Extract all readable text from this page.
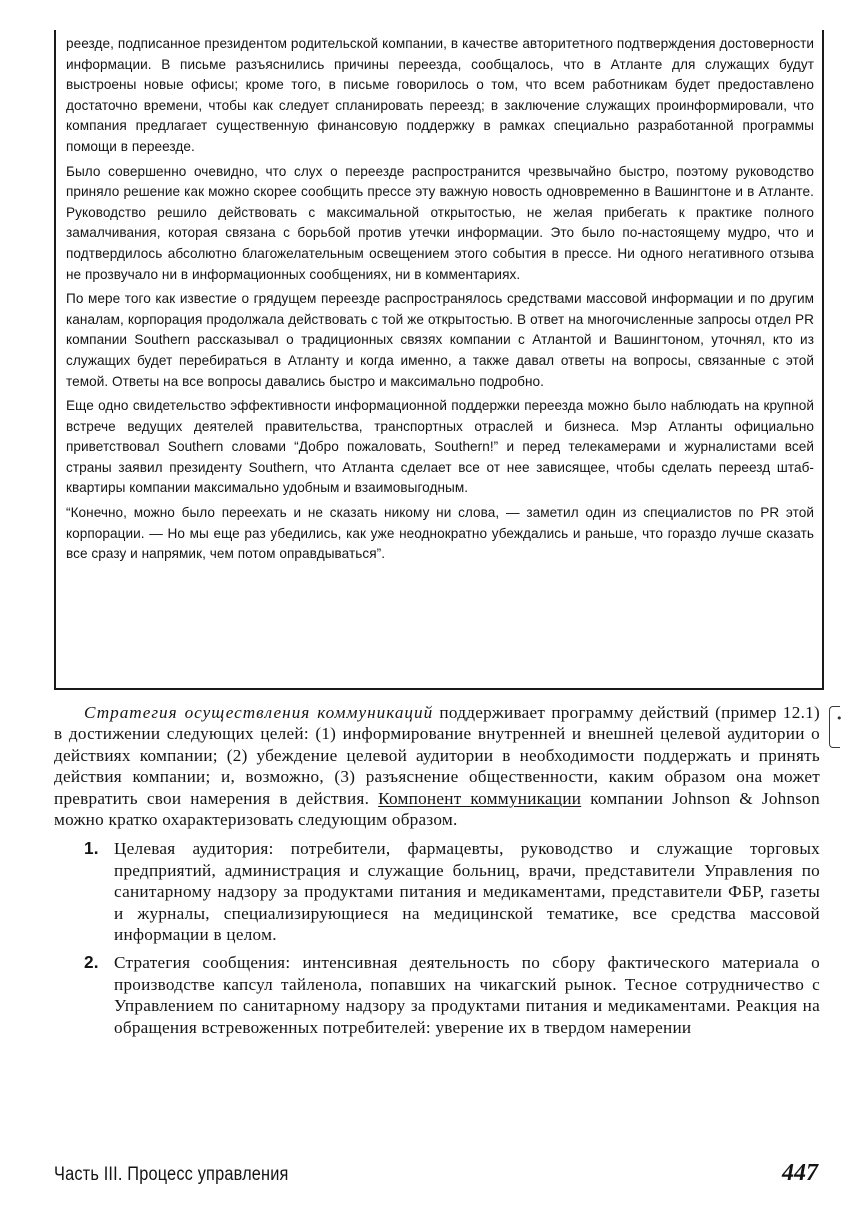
реезде, подписанное президентом родительской компании, в качестве авторитетного подтверждения достоверности информации. В письме разъяснились причины переезда, сообщалось, что в Атланте для служащих будут выстроены новые офисы; кроме того, в письме говорилось о том, что всем работникам будет предоставлено достаточно времени, чтобы как следует спланировать переезд; в заключение служащих проинформировали, что компания предлагает существенную финансовую поддержку в рамках специально разработанной программы помощи в переезде.

Было совершенно очевидно, что слух о переезде распространится чрезвычайно быстро, поэтому руководство приняло решение как можно скорее сообщить прессе эту важную новость одновременно в Вашингтоне и в Атланте. Руководство решило действовать с максимальной открытостью, не желая прибегать к практике полного замалчивания, которая связана с борьбой против утечки информации. Это было по-настоящему мудро, что и подтвердилось абсолютно благожелательным освещением этого события в прессе. Ни одного негативного отзыва не прозвучало ни в информационных сообщениях, ни в комментариях.

По мере того как известие о грядущем переезде распространялось средствами массовой информации и по другим каналам, корпорация продолжала действовать с той же открытостью. В ответ на многочисленные запросы отдел PR компании Southern рассказывал о традиционных связях компании с Атлантой и Вашингтоном, уточнял, кто из служащих будет перебираться в Атланту и когда именно, а также давал ответы на вопросы, связанные с этой темой. Ответы на все вопросы давались быстро и максимально подробно.

Еще одно свидетельство эффективности информационной поддержки переезда можно было наблюдать на крупной встрече ведущих деятелей правительства, транспортных отраслей и бизнеса. Мэр Атланты официально приветствовал Southern словами “Добро пожаловать, Southern!” и перед телекамерами и журналистами всей страны заявил президенту Southern, что Атланта сделает все от нее зависящее, чтобы сделать переезд штаб-квартиры компании максимально удобным и взаимовыгодным.

“Конечно, можно было переехать и не сказать никому ни слова, — заметил один из специалистов по PR этой корпорации. — Но мы еще раз убедились, как уже неоднократно убеждались и раньше, что гораздо лучше сказать все сразу и напрямик, чем потом оправдываться”.

•

Стратегия осуществления коммуникаций поддерживает программу действий (пример 12.1) в достижении следующих целей: (1) информирование внутренней и внешней целевой аудитории о действиях компании; (2) убеждение целевой аудитории в необходимости поддержать и принять действия компании; и, возможно, (3) разъяснение общественности, каким образом она может превратить свои намерения в действия. Компонент коммуникации компании Johnson & Johnson можно кратко охарактеризовать следующим образом.

1. Целевая аудитория: потребители, фармацевты, руководство и служащие торговых предприятий, администрация и служащие больниц, врачи, представители Управления по санитарному надзору за продуктами питания и медикаментами, представители ФБР, газеты и журналы, специализирующиеся на медицинской тематике, все средства массовой информации в целом.
2. Стратегия сообщения: интенсивная деятельность по сбору фактического материала о производстве капсул тайленола, попавших на чикагский рынок. Тесное сотрудничество с Управлением по санитарному надзору за продуктами питания и медикаментами. Реакция на обращения встревоженных потребителей: уверение их в твердом намерении
Часть III. Процесс управления	447
